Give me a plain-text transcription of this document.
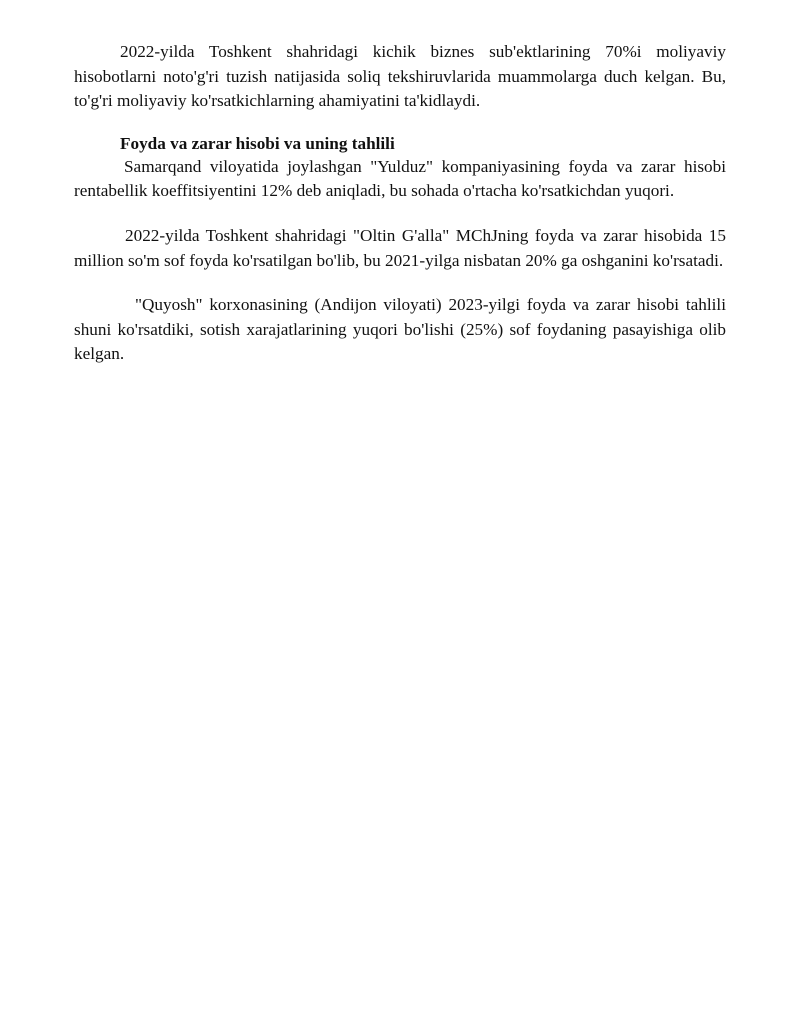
2022-yilda Toshkent shahridagi kichik biznes sub'ektlarining 70%i moliyaviy hisobotlarni noto'g'ri tuzish natijasida soliq tekshiruvlarida muammolarga duch kelgan. Bu, to'g'ri moliyaviy ko'rsatkichlarning ahamiyatini ta'kidlaydi.

Foyda va zarar hisobi va uning tahlili

Samarqand viloyatida joylashgan "Yulduz" kompaniyasining foyda va zarar hisobi rentabellik koeffitsiyentini 12% deb aniqladi, bu sohada o'rtacha ko'rsatkichdan yuqori.

2022-yilda Toshkent shahridagi "Oltin G'alla" MChJning foyda va zarar hisobida 15 million so'm sof foyda ko'rsatilgan bo'lib, bu 2021-yilga nisbatan 20% ga oshganini ko'rsatadi.

"Quyosh" korxonasining (Andijon viloyati) 2023-yilgi foyda va zarar hisobi tahlili shuni ko'rsatdiki, sotish xarajatlarining yuqori bo'lishi (25%) sof foydaning pasayishiga olib kelgan.
